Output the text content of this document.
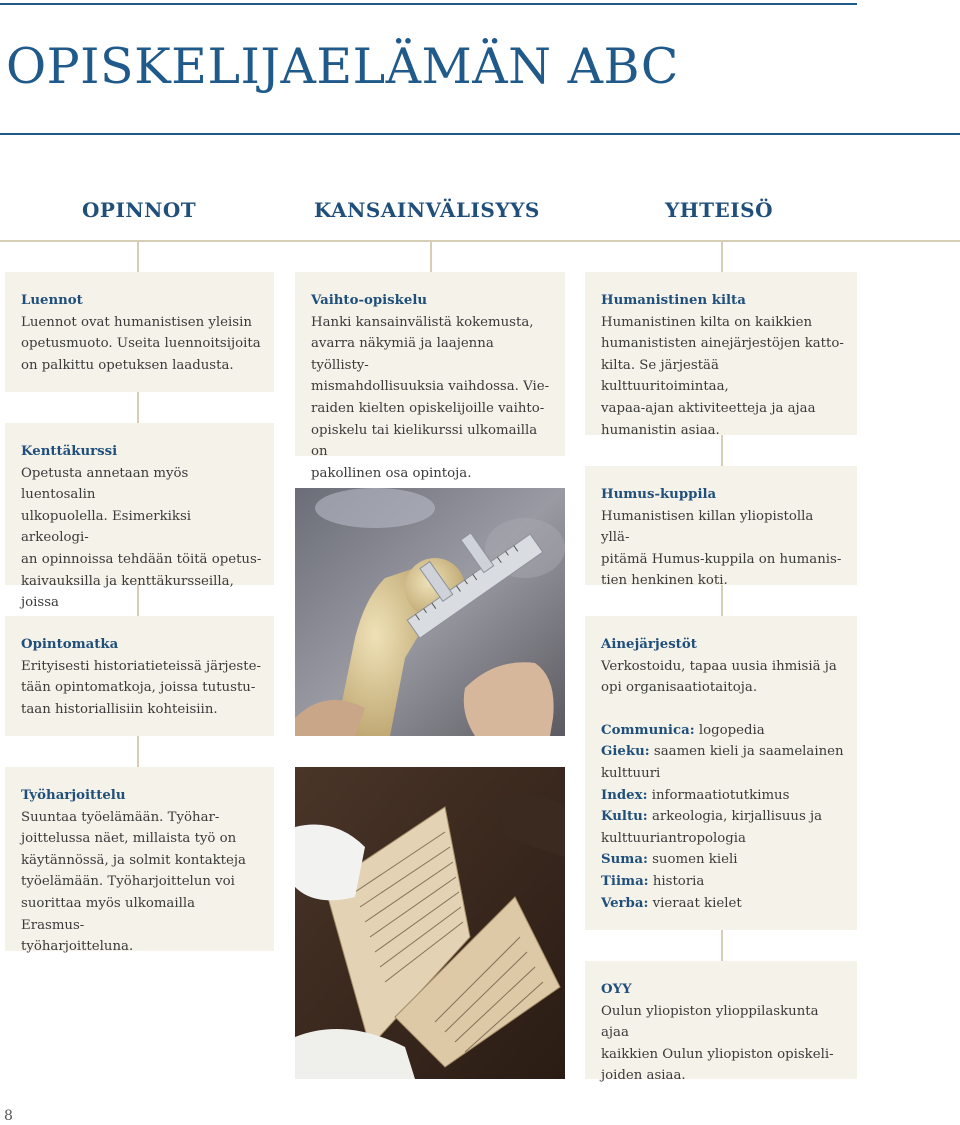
OPISKELIJAELÄMÄN ABC
OPINNOT	KANSAINVÄLISYYS	YHTEISÖ
Luennot
Luennot ovat humanistisen yleisin
opetusmuoto. Useita luennoitsijoita
on palkittu opetuksen laadusta.
Kenttäkurssi
Opetusta annetaan myös luentosalin
ulkopuolella. Esimerkiksi arkeologi-
an opinnoissa tehdään töitä opetus-
kaivauksilla ja kenttäkursseilla, joissa

Opintomatka
Erityisesti historiatieteissä järjeste-
tään opintomatkoja, joissa tutustu-
taan historiallisiin kohteisiin.
Työharjoittelu
Suuntaa työelämään. Työhar-
joittelussa näet, millaista työ on
käytännössä, ja solmit kontakteja
työelämään. Työharjoittelun voi
suorittaa myös ulkomailla Erasmus-
työharjoitteluna.
Vaihto-opiskelu
Hanki kansainvälistä kokemusta,
avarra näkymiä ja laajenna työllisty-
mismahdollisuuksia vaihdossa. Vie-
raiden kielten opiskelijoille vaihto-
opiskelu tai kielikurssi ulkomailla on
pakollinen osa opintoja.
Humanistinen kilta
Humanistinen kilta on kaikkien
humanististen ainejärjestöjen katto-
kilta. Se järjestää kulttuuritoimintaa,
vapaa-ajan aktiviteetteja ja ajaa
humanistin asiaa.
Humus-kuppila
Humanistisen killan yliopistolla yllä-
pitämä Humus-kuppila on humanis-
tien henkinen koti.
Ainejärjestöt
Verkostoidu, tapaa uusia ihmisiä ja
opi organisaatiotaitoja.
Communica: logopedia
Gieku: saamen kieli ja saamelainen kulttuuri
Index: informaatiotutkimus
Kultu: arkeologia, kirjallisuus ja kulttuuriantropologia
Suma: suomen kieli
Tiima: historia
Verba: vieraat kielet
OYY
Oulun yliopiston ylioppilaskunta ajaa
kaikkien Oulun yliopiston opiskeli-
joiden asiaa.
8
